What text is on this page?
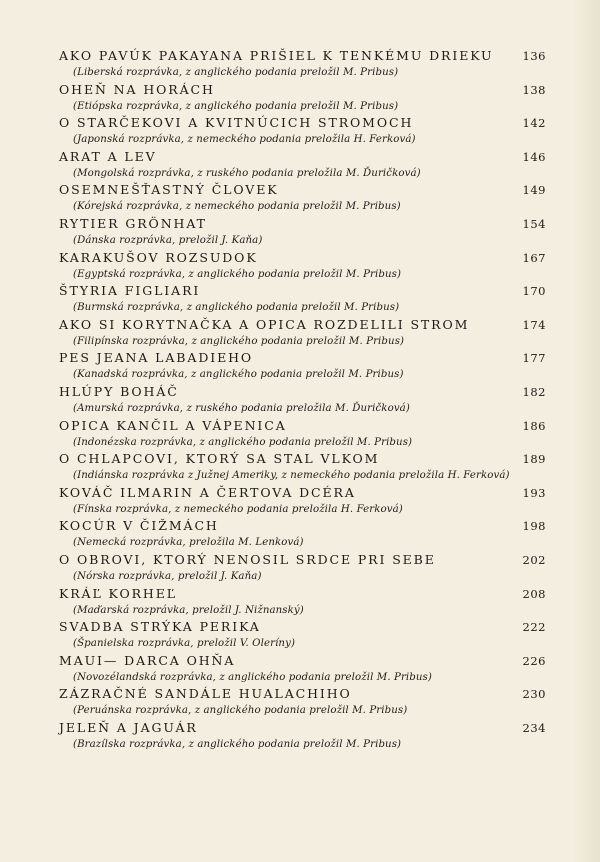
AKO PAVÚK PAKAYANA PRIŠIEL K TENKÉMU DRIEKU	136
(Liberská rozprávka, z anglického podania preložil M. Pribus)
OHEŇ NA HORÁCH	138
(Etiópska rozprávka, z anglického podania preložil M. Pribus)
O STARČEKOVI A KVITNÚCICH STROMOCH	142
(Japonská rozprávka, z nemeckého podania preložila H. Ferková)
ARAT A LEV	146
(Mongolská rozprávka, z ruského podania preložila M. Ďuričková)
OSEMNEŠŤASTNÝ ČLOVEK	149
(Kórejská rozprávka, z nemeckého podania preložil M. Pribus)
RYTIER GRÖNHAT	154
(Dánska rozprávka, preložil J. Kaňa)
KARAKUŠOV ROZSUDOK	167
(Egyptská rozprávka, z anglického podania preložil M. Pribus)
ŠTYRIA FIGLIARI	170
(Burmská rozprávka, z anglického podania preložil M. Pribus)
AKO SI KORYTNAČKA A OPICA ROZDELILI STROM	174
(Filipínska rozprávka, z anglického podania preložil M. Pribus)
PES JEANA LABADIEHO	177
(Kanadská rozprávka, z anglického podania preložil M. Pribus)
HLÚPY BOHÁČ	182
(Amurská rozprávka, z ruského podania preložila M. Ďuričková)
OPICA KANČIL A VÁPENICA	186
(Indonézska rozprávka, z anglického podania preložil M. Pribus)
O CHLAPCOVI, KTORÝ SA STAL VLKOM	189
(Indiánska rozprávka z Južnej Ameriky, z nemeckého podania preložila H. Ferková)
KOVÁČ ILMARIN A ČERTOVA DCÉRA	193
(Fínska rozprávka, z nemeckého podania preložila H. Ferková)
KOCÚR V ČIŽMÁCH	198
(Nemecká rozprávka, preložila M. Lenková)
O OBROVI, KTORÝ NENOSIL SRDCE PRI SEBE	202
(Nórska rozprávka, preložil J. Kaňa)
KRÁĽ KORHEĽ	208
(Maďarská rozprávka, preložil J. Nižnanský)
SVADBA STRÝKA PERIKA	222
(Španielska rozprávka, preložil V. Oleríny)
MAUI— DARCA OHŇA	226
(Novozélandská rozprávka, z anglického podania preložil M. Pribus)
ZÁZRAČNÉ SANDÁLE HUALACHIHO	230
(Peruánska rozprávka, z anglického podania preložil M. Pribus)
JELEŇ A JAGUÁR	234
(Brazílska rozprávka, z anglického podania preložil M. Pribus)
